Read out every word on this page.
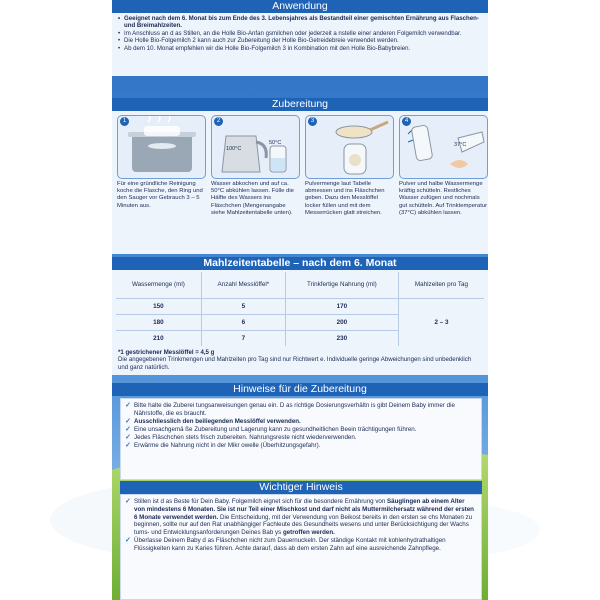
Anwendung
• Geeignet nach dem 6. Monat bis zum Ende des 3. Lebensjahres als Bestandteil einer gemischten Ernährung aus Flaschen- und Breimahlzeiten.
• Im Anschluss an d as Stillen, an die Holle Bio-Anfan gsmilchen oder jederzeit a nstelle einer anderen Folgemilch verwendbar.
• Die Holle Bio-Folgemilch 2 kann auch zur Zubereitung der Holle Bio-Getreidebreie verwendet werden.
• Ab dem 10. Monat empfehlen wir die Holle Bio-Folgemilch 3 in Kombination mit den Holle Bio-Babybreien.
Zubereitung
1
Für eine gründliche Reinigung koche die Flasche, den Ring und den Sauger vor Gebrauch 3 – 5 Minuten aus.
2
100°C
50°C
Wasser abkochen und auf ca. 50°C abkühlen lassen. Fülle die Hälfte des Wassers ins Fläschchen (Mengenangabe siehe Mahlzeitentabelle unten).
3
Pulvermenge laut Tabelle abmessen und ins Fläschchen geben. Dazu den Messlöffel locker füllen und mit dem Messerrücken glatt streichen.
4
37°C
Pulver und halbe Wassermenge kräftig schütteln. Restliches Wasser zufügen und nochmals gut schütteln. Auf Trinktemperatur (37°C) abkühlen lassen.
Mahlzeitentabelle – nach dem 6. Monat
Wassermenge (ml)	Anzahl Messlöffel*	Trinkfertige Nahrung (ml)	Mahlzeiten pro Tag
150	5	170	2 – 3
180	6	200	
210	7	230	
*1 gestrichener Messlöffel = 4,5 g
Die angegebenen Trinkmengen und Mahlzeiten pro Tag sind nur Richtwert e. Individuelle geringe Abweichungen sind unbedenklich und ganz natürlich.
Hinweise für die Zubereitung
✓ Bitte halte die Zuberei tungsanweisungen genau ein. D as richtige Dosierungsverhältn is gibt Deinem Baby immer die Nährstoffe, die es braucht.
✓ Ausschliesslich den beiliegenden Messlöffel verwenden.
✓ Eine unsachgemä ße Zubereitung und Lagerung kann zu gesundheitlichen Beein trächtigungen führen.
✓ Jedes Fläschchen stets frisch zubereiten. Nahrungsreste nicht wiederverwenden.
✓ Erwärme die Nahrung nicht in der Mikr owelle (Überhitzungsgefahr).
Wichtiger Hinweis
✓ Stillen ist d as Beste für Dein Baby. Folgemilch eignet sich für die besondere Ernährung von Säuglingen ab einem Alter von mindestens 6 Monaten. Sie ist nur Teil einer Mischkost und darf nicht als Muttermilchersatz während der ersten 6 Monate verwendet werden. Die Entscheidung, mit der Verwendung von Beikost bereits in den ersten se chs Monaten zu beginnen, sollte nur auf den Rat unabhängiger Fachleute des Gesundheits wesens und unter Berücksichtigung der Wachs tums- und Entwicklungsanforderungen Deines Bab ys getroffen werden.
✓ Überlasse Deinem Baby d as Fläschchen nicht zum Dauernuckeln. Der ständige Kontakt mit kohlenhydrathaltigen Flüssigkeiten kann zu Karies führen. Achte darauf, dass ab dem ersten Zahn auf eine ausreichende Zahnpflege.
